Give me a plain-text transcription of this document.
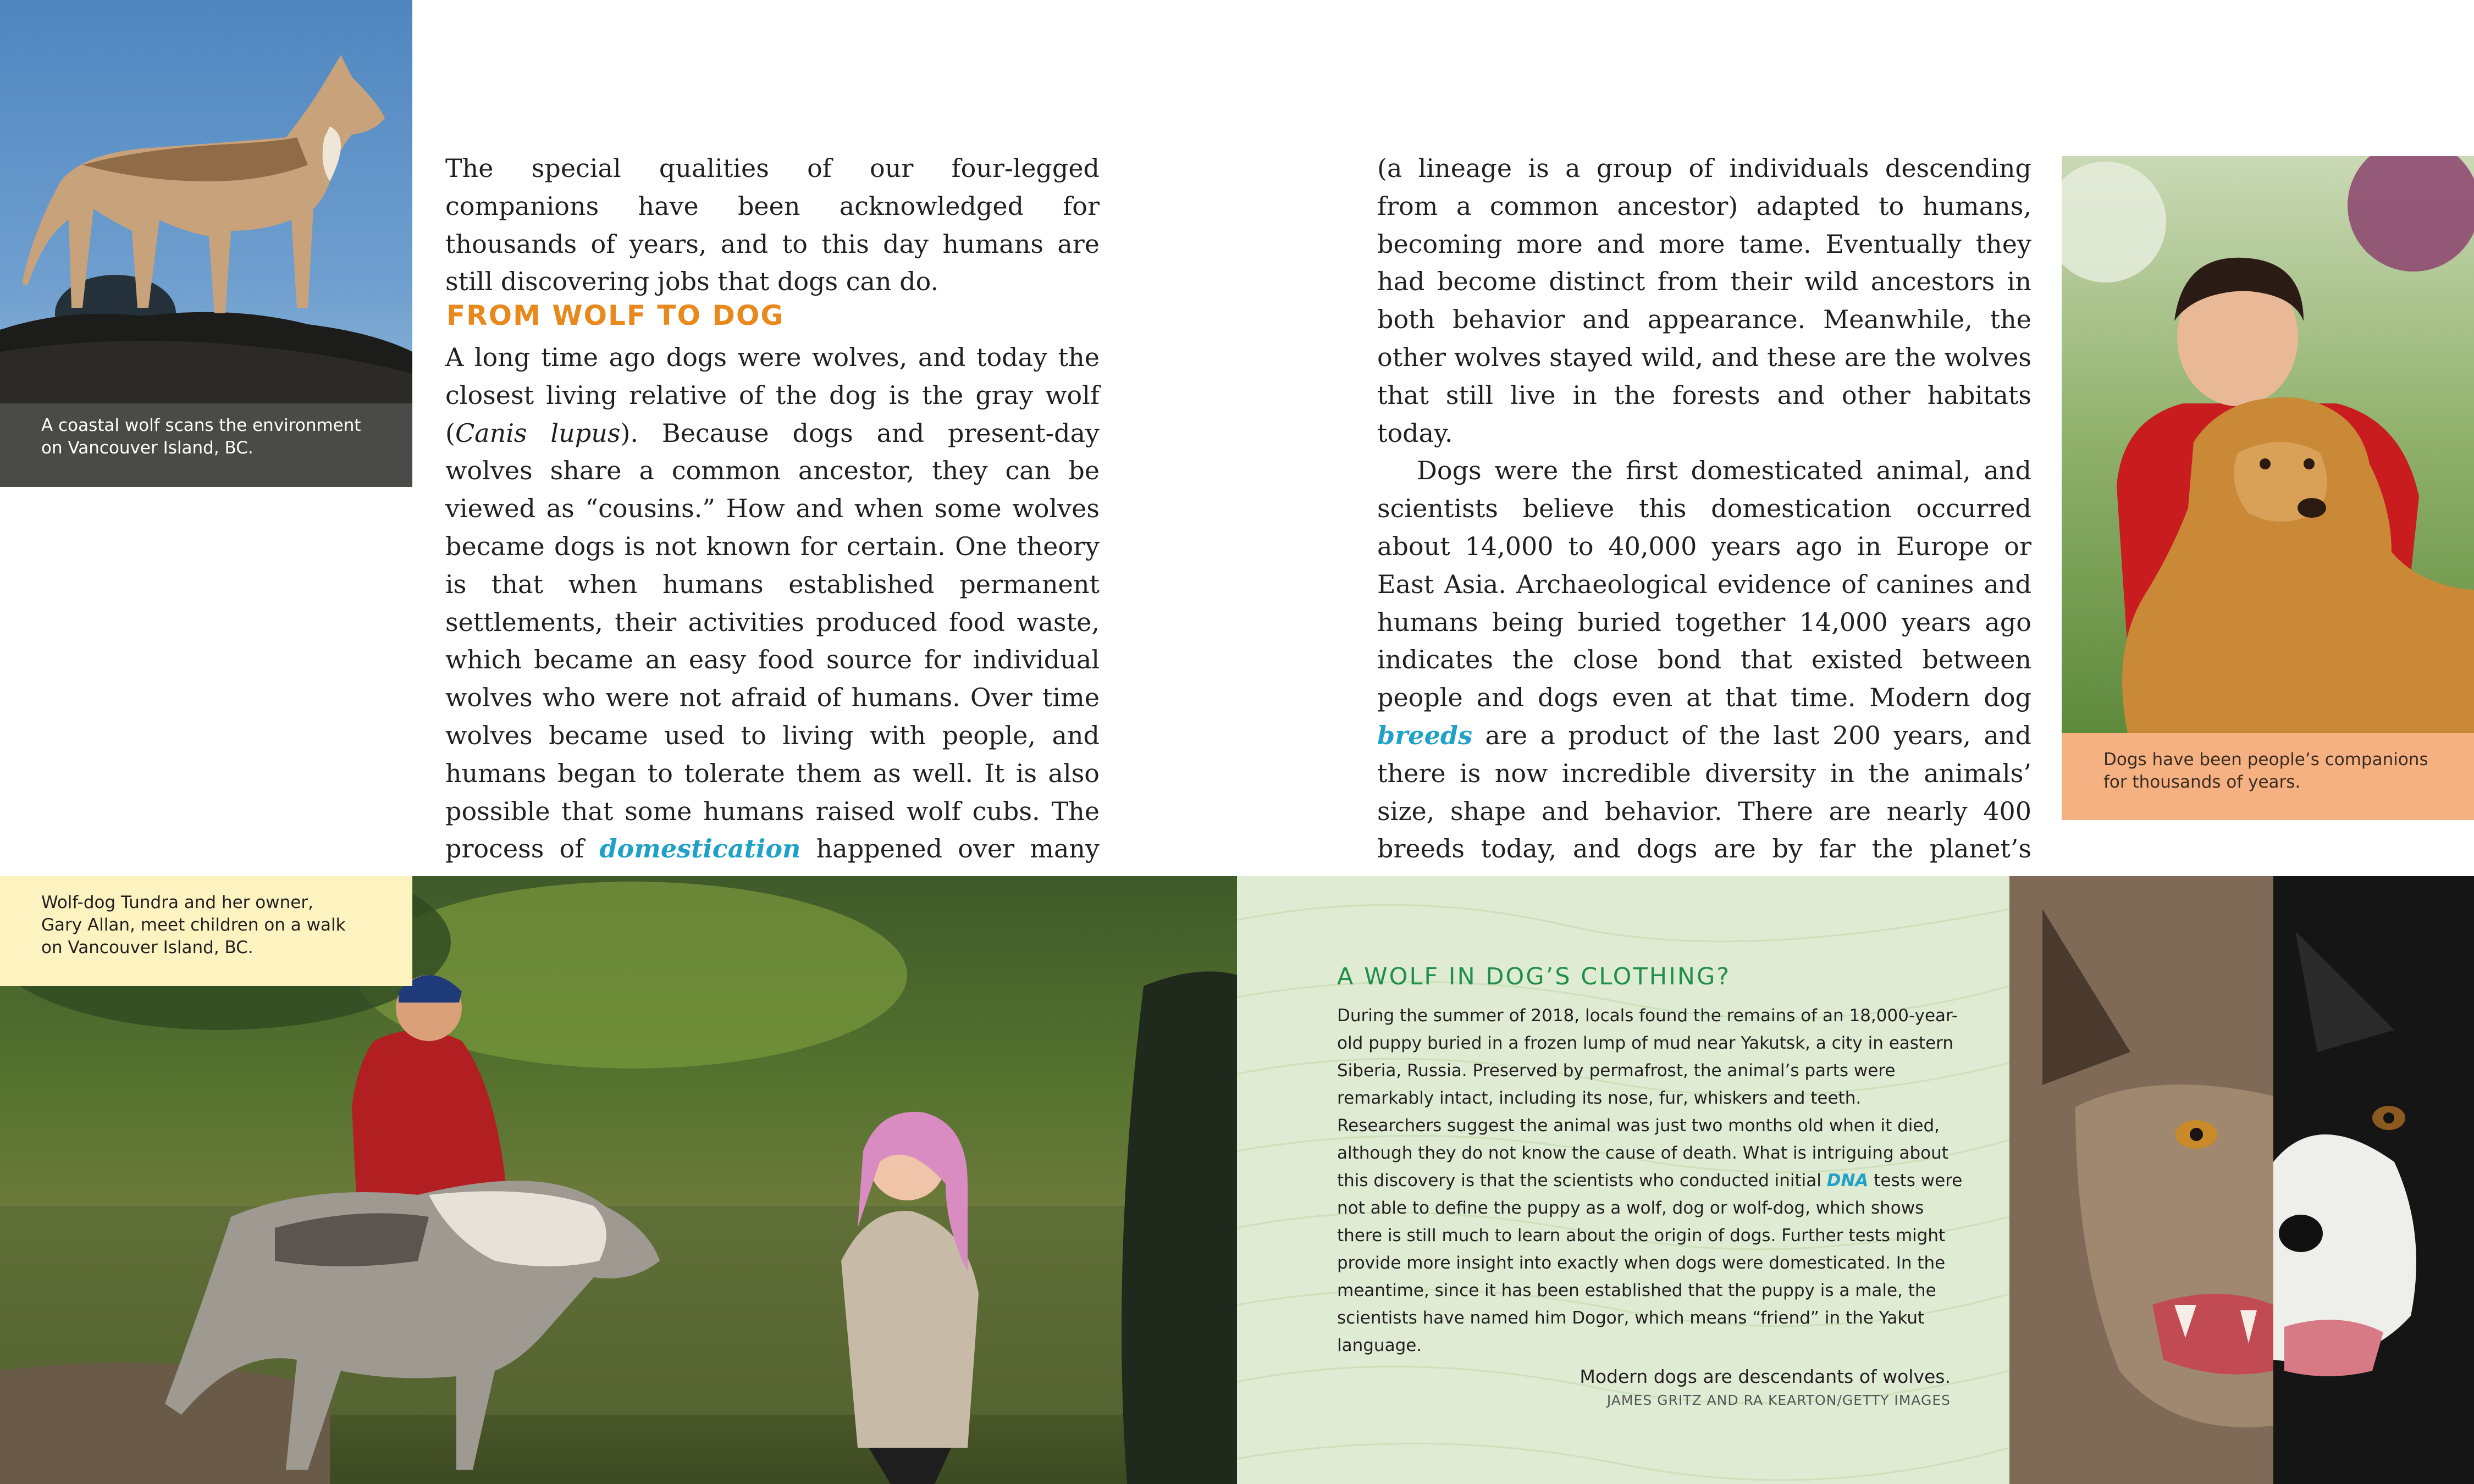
A coastal wolf scans the environment
on Vancouver Island, BC.
Dogs have been people’s companions
for thousands of years.

The special qualities of our four-legged companions have been acknowledged for thousands of years, and to this day humans are still discovering jobs that dogs can do.

FROM WOLF TO DOG

A long time ago dogs were wolves, and today the closest living relative of the dog is the gray wolf (Canis lupus). Because dogs and present-day wolves share a common ancestor, they can be viewed as “cousins.” How and when some wolves became dogs is not known for certain. One theory is that when humans established permanent settlements, their activities produced food waste, which became an easy food source for individual wolves who were not afraid of humans. Over time wolves became used to living with people, and humans began to tolerate them as well. It is also possible that some humans raised wolf cubs. The process of domestication happened over many

(a lineage is a group of individuals descending from a common ancestor) adapted to humans, becoming more and more tame. Eventually they had become distinct from their wild ancestors in both behavior and appearance. Meanwhile, the other wolves stayed wild, and these are the wolves that still live in the forests and other habitats today.

Dogs were the first domesticated animal, and scientists believe this domestication occurred about 14,000 to 40,000 years ago in Europe or East Asia. Archaeological evidence of canines and humans being buried together 14,000 years ago indicates the close bond that existed between people and dogs even at that time. Modern dog breeds are a product of the last 200 years, and there is now incredible diversity in the animals’ size, shape and behavior. There are nearly 400 breeds today, and dogs are by far the planet’s

Wolf-dog Tundra and her owner,
Gary Allan, meet children on a walk
on Vancouver Island, BC.
A WOLF IN DOG’S CLOTHING?

During the summer of 2018, locals found the remains of an 18,000-year-old puppy buried in a frozen lump of mud near Yakutsk, a city in eastern Siberia, Russia. Preserved by permafrost, the animal’s parts were remarkably intact, including its nose, fur, whiskers and teeth. Researchers suggest the animal was just two months old when it died, although they do not know the cause of death. What is intriguing about this discovery is that the scientists who conducted initial DNA tests were not able to define the puppy as a wolf, dog or wolf-dog, which shows there is still much to learn about the origin of dogs. Further tests might provide more insight into exactly when dogs were domesticated. In the meantime, since it has been established that the puppy is a male, the scientists have named him Dogor, which means “friend” in the Yakut language.

Modern dogs are descendants of wolves.
JAMES GRITZ AND RA KEARTON/GETTY IMAGES
